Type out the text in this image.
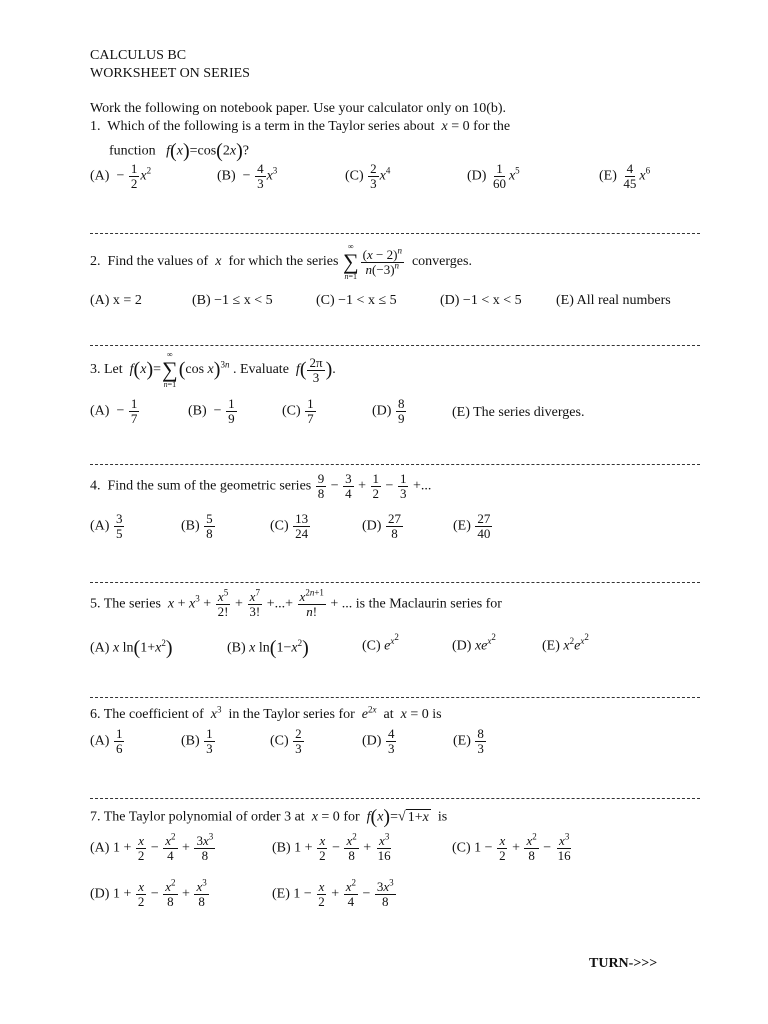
CALCULUS BC
WORKSHEET ON SERIES
Work the following on notebook paper. Use your calculator only on 10(b).
1. Which of the following is a term in the Taylor series about x = 0 for the
function f(x)=cos(2x)?
$(A) - \frac{1}{2} x^2$	$(B) - \frac{4}{3} x^3$	$(C) \frac{2}{3} x^4$	$(D) \frac{1}{60} x^5$	$(E) \frac{4}{45} x^6$
2. Find the values of x for which the series
∞
∑
n=1
$\frac{(x - 2)^n}{n(-3)^n}$ converges.
(A) x = 2	(B) −1 ≤ x < 5	(C) −1 < x ≤ 5	(D) −1 < x < 5 (E) All real numbers
3. Let f(x)=
∞
∑
n=1
(cos x)$^{3n}$ . Evaluate $f( \frac{2\pi}{3}$ ).
$(A) - \frac{1}{7}$	$(B) - \frac{1}{9}$	$(C) \frac{1}{7}$	$(D) \frac{8}{9}$	(E) The series diverges.
4. Find the sum of the geometric series $\frac{9}{8} - \frac{3}{4} + \frac{1}{2} - \frac{1}{3}$ +...
$(A) \frac{3}{5}$	$(B) \frac{5}{8}$	$(C) \frac{13}{24}$	$(D) \frac{27}{8}$	$(E) \frac{27}{40}$
5. The series $x + x^3 + \frac{x^5}{2!} + \frac{x^7}{3!}$ +...+ $\frac{x^{2n+1}}{n!}$ + ... is the Maclaurin series for
(A) x $\ln(1+x^2)$	(B) x $\ln(1-x^2)$	(C) $e^{x^2}$
(D) $xe^{x^2}$
(E) $x^2e^{x^2}$
6. The coefficient of $x^3$ in the Taylor series for $e^{2x}$ at x = 0 is
$(A) \frac{1}{6}$	$(B) \frac{1}{3}$	$(C) \frac{2}{3}$	$(D) \frac{4}{3}$	$(E) \frac{8}{3}$
7. The Taylor polynomial of order 3 at x = 0 for f(x)=√ 1+x is
(A) $1 + \frac{x}{2} - \frac{x^2}{4} + \frac{3x^3}{8}$	(B) $1 + \frac{x}{2} - \frac{x^2}{8} + \frac{x^3}{16}$	(C) $1 - \frac{x}{2} + \frac{x^2}{8} - \frac{x^3}{16}$
(D) $1 + \frac{x}{2} - \frac{x^2}{8} + \frac{x^3}{8}$	(E) $1 - \frac{x}{2} + \frac{x^2}{4} - \frac{3x^3}{8}$
TURN->>>
